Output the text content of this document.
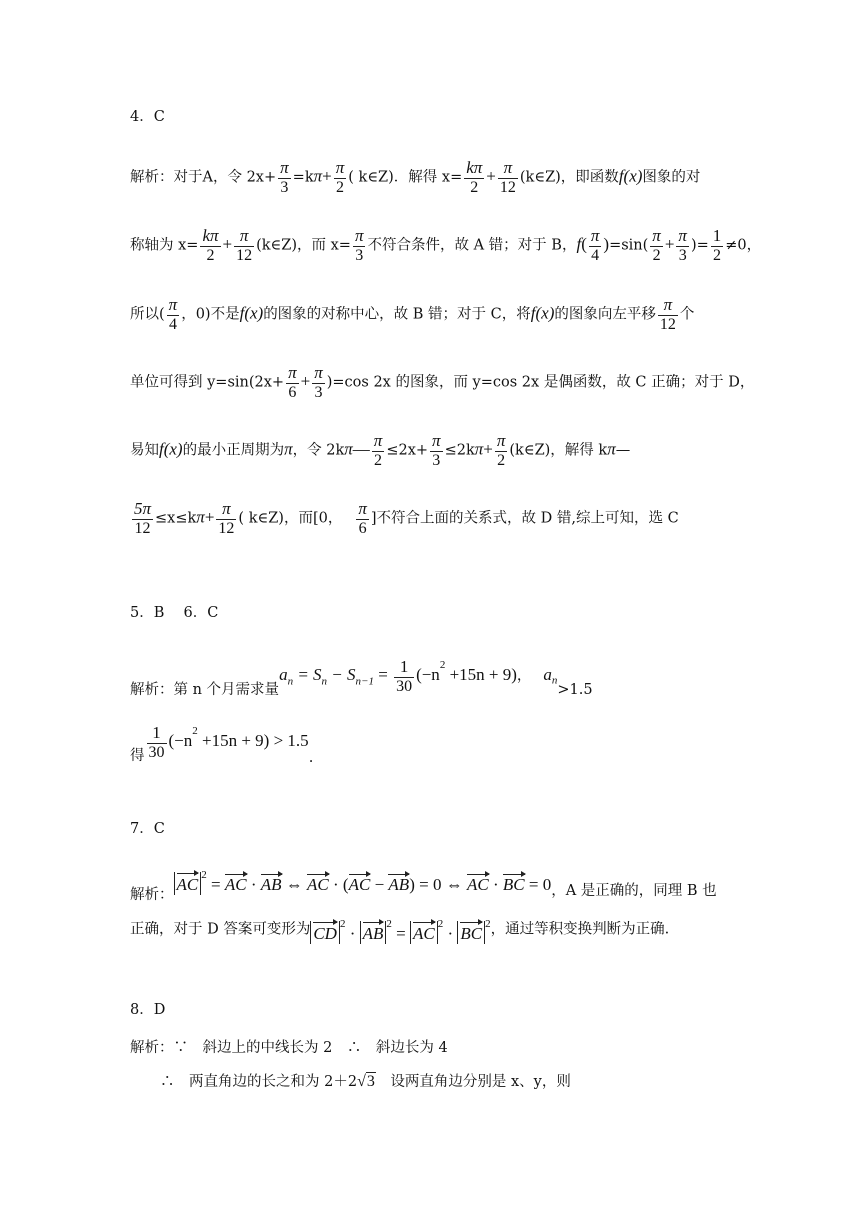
4．C
解析：对于A，令 $2x+ \frac{\pi}{3} =k\pi+ \frac{\pi}{2}$ ( k∈Z)．解得 $x= \frac{k\pi}{2} + \frac{\pi}{12}$ (k∈Z)，即函数f(x)图象的对
称轴为 $x= \frac{k\pi}{2} + \frac{\pi}{12}$ (k∈Z)，而 $x= \frac{\pi}{3}$ 不符合条件，故 A 错；对于 B，$f( \frac{\pi}{4} )=\sin( \frac{\pi}{2} + \frac{\pi}{3}$ )= $\frac{1}{2} \ne 0$，
所以( $\frac{\pi}{4}$ ，0)不是f(x)的图象的对称中心，故 B 错；对于 C，将f(x)的图象向左平移 $\frac{\pi}{12}$ 个
单位可得到 $y=\sin(2x+ \frac{\pi}{6} + \frac{\pi}{3} )=\cos$ 2x 的图象，而 y=cos 2x 是偶函数，故 C 正确；对于 D，
易知f(x)的最小正周期为π，令 2kπ— $\frac{\pi}{2} \le 2x+ \frac{\pi}{3} \le 2k\pi+ \frac{\pi}{2}$ (k∈Z)，解得 kπ—
$\frac{5\pi}{12} \le x\le k\pi+ \frac{\pi}{12}$ ( k∈Z)，而[0， $\frac{\pi}{6}$ ]不符合上面的关系式，故 D 错,综上可知，选 C
5．B　 6．C
解析：第 n 个月需求量$a_n = S_n - S_{n-1} = \frac{1}{30} (-n^2 +15n + 9)$， $a_n>1.5$
得 $\frac{1}{30} (-n^2 +15n + 9) > 1.5$.
7．C
解析：AC $^2$ = AC · AB ⇔ AC · (AC − AB) = 0 ⇔ AC · BC = 0，A 是正确的，同理 B 也
正确，对于 D 答案可变形为 CD $^2$ · AB $^2$ = AC $^2$ · BC $^2$，通过等积变换判断为正确.
8．D
解析：∵　斜边上的中线长为 2　∴　斜边长为 4
∴　两直角边的长之和为 2＋2√3　设两直角边分别是 x、y，则
